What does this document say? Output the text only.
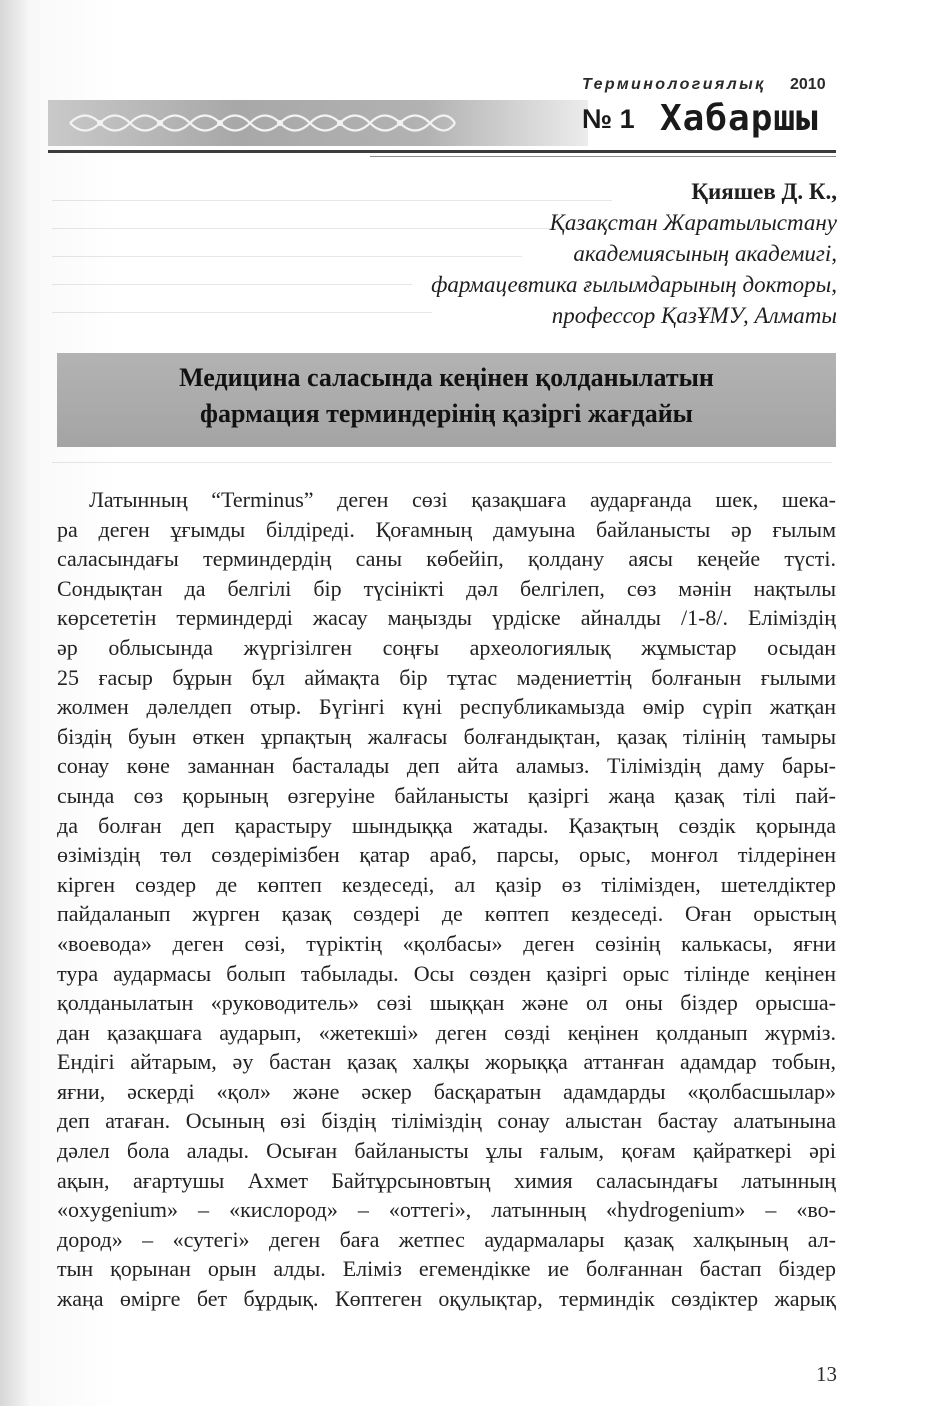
Терминологиялық 2010
№ 1 Хабаршы

Қияшев Д. К.,

Қазақстан Жаратылыстану

академиясының академигі,

фармацевтика ғылымдарының докторы,

профессор ҚазҰМУ, Алматы

Медицина саласында кеңінен қолданылатын

фармация терминдерінің қазіргі жағдайы

Латынның “Terminus” деген сөзі қазақшаға аударғанда шек, шека-
ра деген ұғымды білдіреді. Қоғамның дамуына байланысты әр ғылым
саласындағы терминдердің саны көбейіп, қолдану аясы кеңейе түсті.
Сондықтан да белгілі бір түсінікті дәл белгілеп, сөз мәнін нақтылы
көрсететін терминдерді жасау маңызды үрдіске айналды /1-8/. Еліміздің
әр облысында жүргізілген соңғы археологиялық жұмыстар осыдан
25 ғасыр бұрын бұл аймақта бір тұтас мәдениеттің болғанын ғылыми
жолмен дәлелдеп отыр. Бүгінгі күні республикамызда өмір сүріп жатқан
біздің буын өткен ұрпақтың жалғасы болғандықтан, қазақ тілінің тамыры
сонау көне заманнан басталады деп айта аламыз. Тіліміздің даму бары-
сында сөз қорының өзгеруіне байланысты қазіргі жаңа қазақ тілі пай-
да болған деп қарастыру шындыққа жатады. Қазақтың сөздік қорында
өзіміздің төл сөздерімізбен қатар араб, парсы, орыс, монғол тілдерінен
кірген сөздер де көптеп кездеседі, ал қазір өз тілімізден, шетелдіктер
пайдаланып жүрген қазақ сөздері де көптеп кездеседі. Оған орыстың
«воевода» деген сөзі, түріктің «қолбасы» деген сөзінің калькасы, яғни
тура аудармасы болып табылады. Осы сөзден қазіргі орыс тілінде кеңінен
қолданылатын «руководитель» сөзі шыққан және ол оны біздер орысша-
дан қазақшаға аударып, «жетекші» деген сөзді кеңінен қолданып жүрміз.
Ендігі айтарым, әу бастан қазақ халқы жорыққа аттанған адамдар тобын,
яғни, әскерді «қол» және әскер басқаратын адамдарды «қолбасшылар»
деп атаған. Осының өзі біздің тіліміздің сонау алыстан бастау алатынына
дәлел бола алады. Осыған байланысты ұлы ғалым, қоғам қайраткері әрі
ақын, ағартушы Ахмет Байтұрсыновтың химия саласындағы латынның
«oxygenium» – «кислород» – «оттегі», латынның «hydrogenium» – «во-
дород» – «сутегі» деген баға жетпес аудармалары қазақ халқының ал-
тын қорынан орын алды. Еліміз егемендікке ие болғаннан бастап біздер
жаңа өмірге бет бұрдық. Көптеген оқулықтар, терминдік сөздіктер жарық
13
